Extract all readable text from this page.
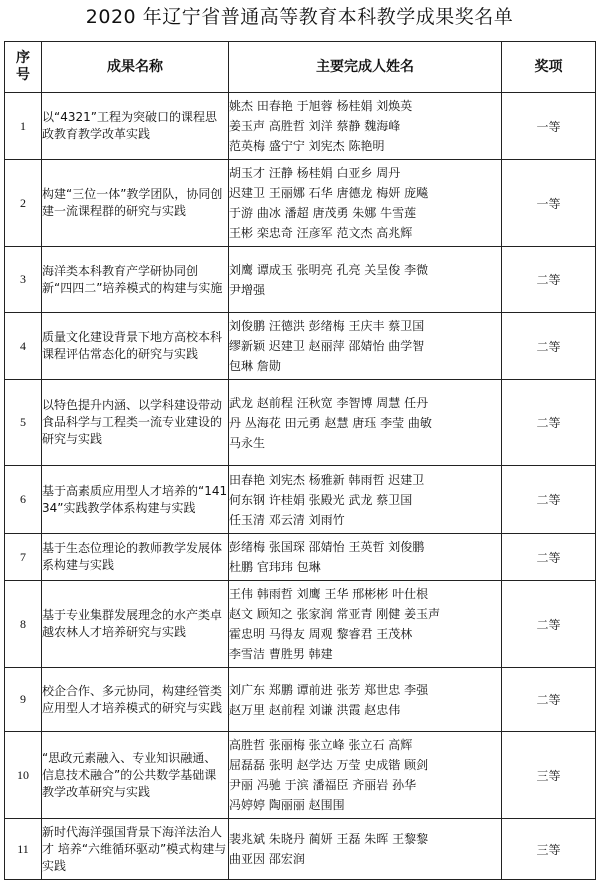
2020 年辽宁省普通高等教育本科教学成果奖名单
序号	成果名称	主要完成人姓名	奖项
1	以“4321”工程为突破口的课程思政教育教学改革实践	姚杰 田春艳 于旭蓉 杨桂娟 刘焕英
姜玉声 高胜哲 刘洋 蔡静 魏海峰
范英梅 盛宁宁 刘宪杰 陈艳明	一等
2	构建“三位一体”教学团队，协同创建一流课程群的研究与实践	胡玉才 汪静 杨桂娟 白亚乡 周丹
迟建卫 王丽娜 石华 唐德龙 梅妍 庞飚
于游 曲冰 潘超 唐茂勇 朱娜 牛雪莲
王彬 栾忠奇 汪彦军 范文杰 高兆辉	一等
3	海洋类本科教育产学研协同创新“四四二”培养模式的构建与实施	刘鹰 谭成玉 张明亮 孔亮 关呈俊 李微
尹增强	二等
4	质量文化建设背景下地方高校本科课程评估常态化的研究与实践	刘俊鹏 汪德洪 彭绪梅 王庆丰 蔡卫国
缪新颖 迟建卫 赵丽萍 邵婧怡 曲学智
包琳 詹勋	二等
5	以特色提升内涵、以学科建设带动食品科学与工程类一流专业建设的研究与实践	武龙 赵前程 汪秋宽 李智博 周慧 任丹
丹 丛海花 田元勇 赵慧 唐珏 李莹 曲敏
马永生	二等
6	基于高素质应用型人才培养的“14134”实践教学体系构建与实践	田春艳 刘宪杰 杨雅新 韩雨哲 迟建卫
何东钢 许桂娟 张殿光 武龙 蔡卫国
任玉清 邓云清 刘雨竹	二等
7	基于生态位理论的教师教学发展体系构建与实践	彭绪梅 张国琛 邵婧怡 王英哲 刘俊鹏
杜鹏 官玮玮 包琳	二等
8	基于专业集群发展理念的水产类卓越农林人才培养研究与实践	王伟 韩雨哲 刘鹰 王华 邢彬彬 叶仕根
赵文 顾知之 张家润 常亚青 刚健 姜玉声
霍忠明 马得友 周观 黎睿君 王茂林
李雪洁 曹胜男 韩建	二等
9	校企合作、多元协同，构建经管类应用型人才培养模式的研究与实践	刘广东 郑鹏 谭前进 张芳 郑世忠 李强
赵万里 赵前程 刘谦 洪霞 赵忠伟	二等
10	“思政元素融入、专业知识融通、信息技术融合”的公共数学基础课教学改革研究与实践	高胜哲 张丽梅 张立峰 张立石 高辉
屈磊磊 张明 赵学达 万莹 史成锴 顾剑
尹丽 冯驰 于滨 潘福臣 齐丽岩 孙华
冯婷婷 陶丽丽 赵围围	三等
11	新时代海洋强国背景下海洋法治人才 培养“六维循环驱动”模式构建与实践	裴兆斌 朱晓丹 蔺妍 王磊 朱晖 王黎黎
曲亚因 邵宏润	三等
